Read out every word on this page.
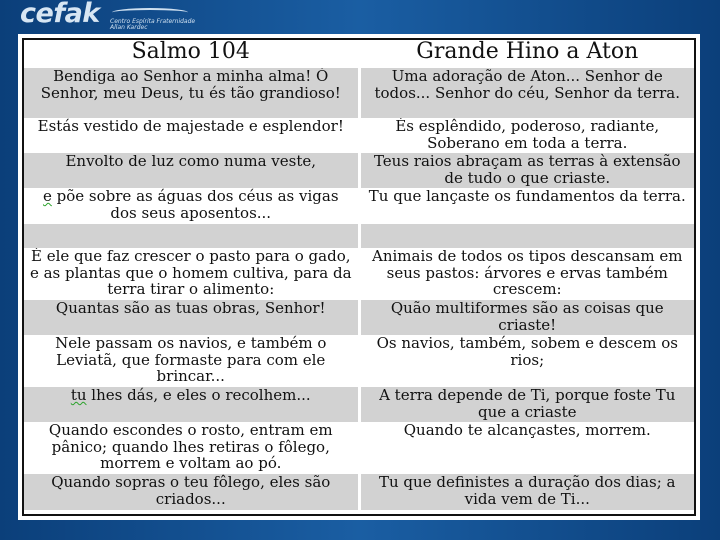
cefak Centro Espírita Fraternidade Allan Kardec
Salmo 104	Grande Hino a Aton
Bendiga ao Senhor a minha alma! Ó Senhor, meu Deus, tu és tão grandioso!	Uma adoração de Aton... Senhor de todos... Senhor do céu, Senhor da terra.
Estás vestido de majestade e esplendor!	És esplêndido, poderoso, radiante, Soberano em toda a terra.
Envolto de luz como numa veste,	Teus raios abraçam as terras à extensão de tudo o que criaste.
e põe sobre as águas dos céus as vigas dos seus aposentos...	Tu que lançaste os fundamentos da terra.

É ele que faz crescer o pasto para o gado, e as plantas que o homem cultiva, para da terra tirar o alimento:	Animais de todos os tipos descansam em seus pastos: árvores e ervas também crescem:
Quantas são as tuas obras, Senhor!	Quão multiformes são as coisas que criaste!
Nele passam os navios, e também o Leviatã, que formaste para com ele brincar...	Os navios, também, sobem e descem os rios;
tu lhes dás, e eles o recolhem...	A terra depende de Ti, porque foste Tu que a criaste
Quando escondes o rosto, entram em pânico; quando lhes retiras o fôlego, morrem e voltam ao pó.	Quando te alcançastes, morrem.
Quando sopras o teu fôlego, eles são criados...	Tu que definistes a duração dos dias; a vida vem de Ti...
